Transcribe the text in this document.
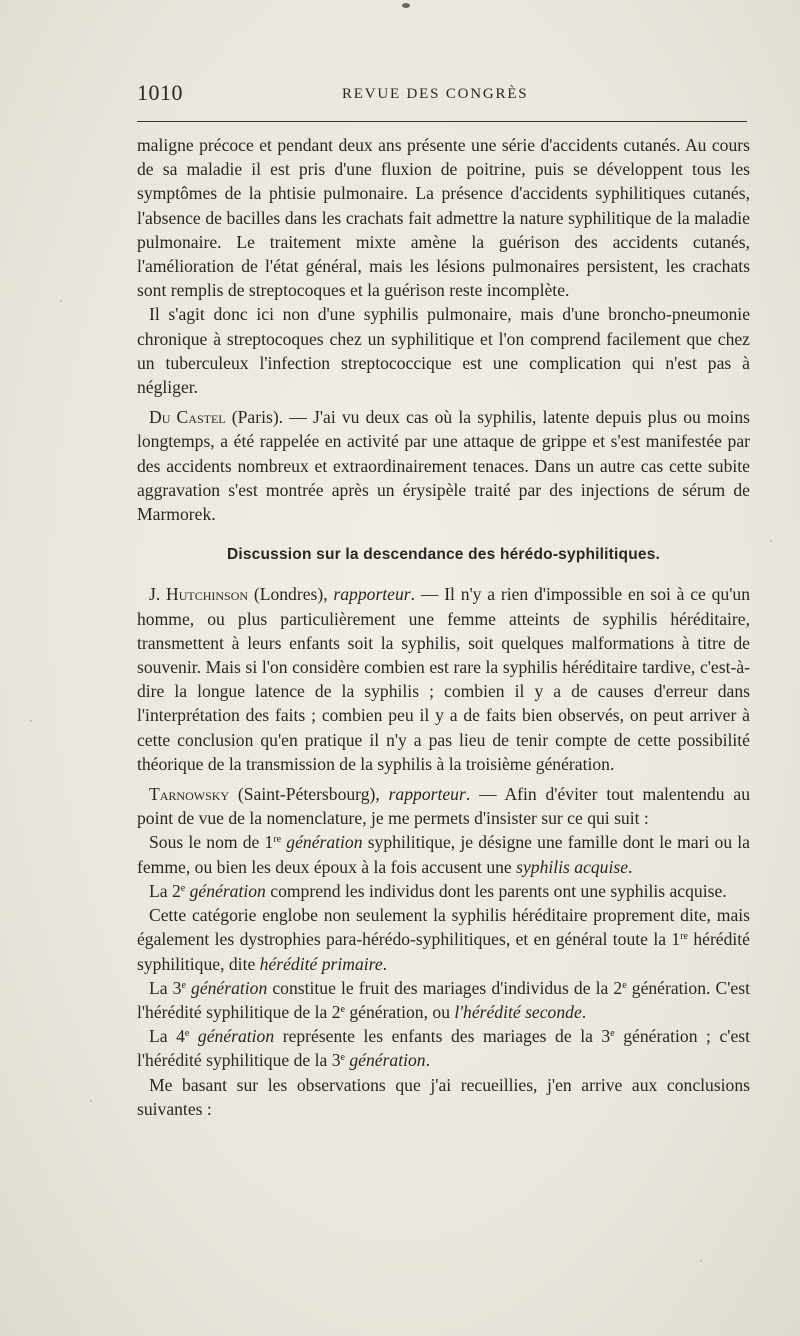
1010	REVUE DES CONGRÈS

maligne précoce et pendant deux ans présente une série d'accidents cutanés. Au cours de sa maladie il est pris d'une fluxion de poitrine, puis se développent tous les symptômes de la phtisie pulmonaire. La présence d'accidents syphilitiques cutanés, l'absence de bacilles dans les crachats fait admettre la nature syphilitique de la maladie pulmonaire. Le traitement mixte amène la guérison des accidents cutanés, l'amélioration de l'état général, mais les lésions pulmonaires persistent, les crachats sont remplis de streptocoques et la guérison reste incomplète.

Il s'agit donc ici non d'une syphilis pulmonaire, mais d'une broncho-pneumonie chronique à streptocoques chez un syphilitique et l'on comprend facilement que chez un tuberculeux l'infection streptococcique est une complication qui n'est pas à négliger.

Du Castel (Paris). — J'ai vu deux cas où la syphilis, latente depuis plus ou moins longtemps, a été rappelée en activité par une attaque de grippe et s'est manifestée par des accidents nombreux et extraordinairement tenaces. Dans un autre cas cette subite aggravation s'est montrée après un érysipèle traité par des injections de sérum de Marmorek.

Discussion sur la descendance des hérédo-syphilitiques.

J. Hutchinson (Londres), rapporteur. — Il n'y a rien d'impossible en soi à ce qu'un homme, ou plus particulièrement une femme atteints de syphilis héréditaire, transmettent à leurs enfants soit la syphilis, soit quelques malformations à titre de souvenir. Mais si l'on considère combien est rare la syphilis héréditaire tardive, c'est-à-dire la longue latence de la syphilis ; combien il y a de causes d'erreur dans l'interprétation des faits ; combien peu il y a de faits bien observés, on peut arriver à cette conclusion qu'en pratique il n'y a pas lieu de tenir compte de cette possibilité théorique de la transmission de la syphilis à la troisième génération.

Tarnowsky (Saint-Pétersbourg), rapporteur. — Afin d'éviter tout malentendu au point de vue de la nomenclature, je me permets d'insister sur ce qui suit :

Sous le nom de 1re génération syphilitique, je désigne une famille dont le mari ou la femme, ou bien les deux époux à la fois accusent une syphilis acquise.

La 2e génération comprend les individus dont les parents ont une syphilis acquise.

Cette catégorie englobe non seulement la syphilis héréditaire proprement dite, mais également les dystrophies para-hérédo-syphilitiques, et en général toute la 1re hérédité syphilitique, dite hérédité primaire.

La 3e génération constitue le fruit des mariages d'individus de la 2e génération. C'est l'hérédité syphilitique de la 2e génération, ou l'hérédité seconde.

La 4e génération représente les enfants des mariages de la 3e génération ; c'est l'hérédité syphilitique de la 3e génération.

Me basant sur les observations que j'ai recueillies, j'en arrive aux conclusions suivantes :
